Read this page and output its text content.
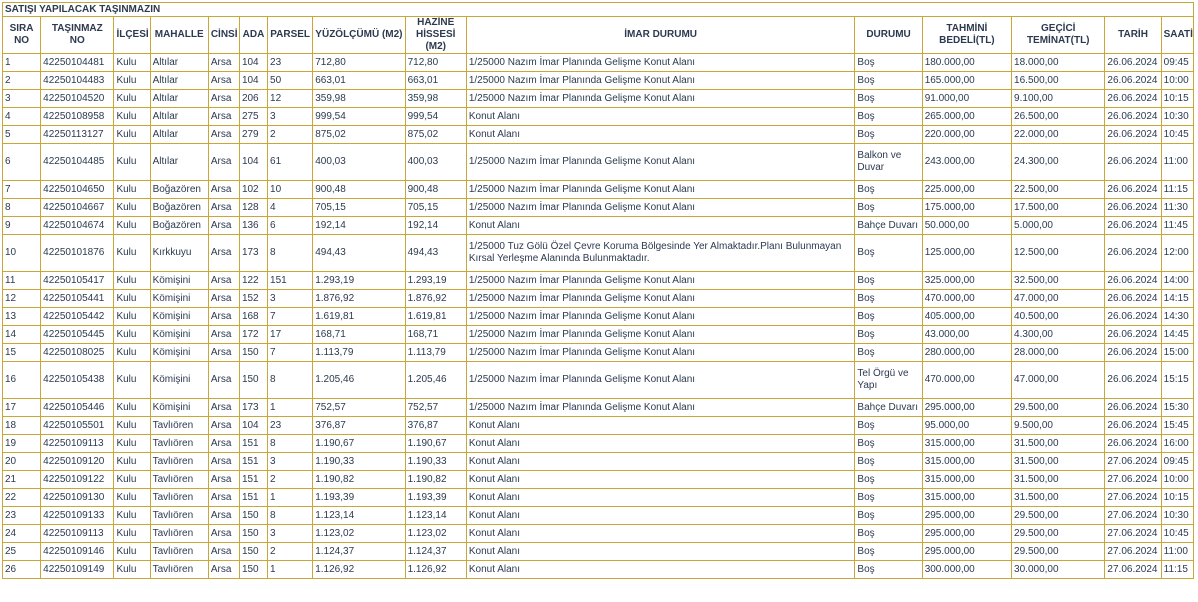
SATIŞI YAPILACAK TAŞINMAZIN														
SIRA NO	TAŞINMAZ NO	İLÇESİ	MAHALLE	CİNSİ	ADA	PARSEL	YÜZÖLÇÜMÜ (M2)	HAZİNE HİSSESİ (M2)	İMAR DURUMU	DURUMU	TAHMİNİ BEDELİ(TL)	GEÇİCİ TEMİNAT(TL)	TARİH	SAATİ
1	42250104481	Kulu	Altılar	Arsa	104	23	712,80	712,80	1/25000 Nazım İmar Planında Gelişme Konut Alanı	Boş	180.000,00	18.000,00	26.06.2024	09:45
2	42250104483	Kulu	Altılar	Arsa	104	50	663,01	663,01	1/25000 Nazım İmar Planında Gelişme Konut Alanı	Boş	165.000,00	16.500,00	26.06.2024	10:00
3	42250104520	Kulu	Altılar	Arsa	206	12	359,98	359,98	1/25000 Nazım İmar Planında Gelişme Konut Alanı	Boş	91.000,00	9.100,00	26.06.2024	10:15
4	42250108958	Kulu	Altılar	Arsa	275	3	999,54	999,54	Konut Alanı	Boş	265.000,00	26.500,00	26.06.2024	10:30
5	42250113127	Kulu	Altılar	Arsa	279	2	875,02	875,02	Konut Alanı	Boş	220.000,00	22.000,00	26.06.2024	10:45
6	42250104485	Kulu	Altılar	Arsa	104	61	400,03	400,03	1/25000 Nazım İmar Planında Gelişme Konut Alanı	Balkon ve Duvar	243.000,00	24.300,00	26.06.2024	11:00
7	42250104650	Kulu	Boğazören	Arsa	102	10	900,48	900,48	1/25000 Nazım İmar Planında Gelişme Konut Alanı	Boş	225.000,00	22.500,00	26.06.2024	11:15
8	42250104667	Kulu	Boğazören	Arsa	128	4	705,15	705,15	1/25000 Nazım İmar Planında Gelişme Konut Alanı	Boş	175.000,00	17.500,00	26.06.2024	11:30
9	42250104674	Kulu	Boğazören	Arsa	136	6	192,14	192,14	Konut Alanı	Bahçe Duvarı	50.000,00	5.000,00	26.06.2024	11:45
10	42250101876	Kulu	Kırkkuyu	Arsa	173	8	494,43	494,43	1/25000 Tuz Gölü Özel Çevre Koruma Bölgesinde Yer Almaktadır.Planı Bulunmayan Kırsal Yerleşme Alanında Bulunmaktadır.	Boş	125.000,00	12.500,00	26.06.2024	12:00
11	42250105417	Kulu	Kömişini	Arsa	122	151	1.293,19	1.293,19	1/25000 Nazım İmar Planında Gelişme Konut Alanı	Boş	325.000,00	32.500,00	26.06.2024	14:00
12	42250105441	Kulu	Kömişini	Arsa	152	3	1.876,92	1.876,92	1/25000 Nazım İmar Planında Gelişme Konut Alanı	Boş	470.000,00	47.000,00	26.06.2024	14:15
13	42250105442	Kulu	Kömişini	Arsa	168	7	1.619,81	1.619,81	1/25000 Nazım İmar Planında Gelişme Konut Alanı	Boş	405.000,00	40.500,00	26.06.2024	14:30
14	42250105445	Kulu	Kömişini	Arsa	172	17	168,71	168,71	1/25000 Nazım İmar Planında Gelişme Konut Alanı	Boş	43.000,00	4.300,00	26.06.2024	14:45
15	42250108025	Kulu	Kömişini	Arsa	150	7	1.113,79	1.113,79	1/25000 Nazım İmar Planında Gelişme Konut Alanı	Boş	280.000,00	28.000,00	26.06.2024	15:00
16	42250105438	Kulu	Kömişini	Arsa	150	8	1.205,46	1.205,46	1/25000 Nazım İmar Planında Gelişme Konut Alanı	Tel Örgü ve Yapı	470.000,00	47.000,00	26.06.2024	15:15
17	42250105446	Kulu	Kömişini	Arsa	173	1	752,57	752,57	1/25000 Nazım İmar Planında Gelişme Konut Alanı	Bahçe Duvarı	295.000,00	29.500,00	26.06.2024	15:30
18	42250105501	Kulu	Tavlıören	Arsa	104	23	376,87	376,87	Konut Alanı	Boş	95.000,00	9.500,00	26.06.2024	15:45
19	42250109113	Kulu	Tavlıören	Arsa	151	8	1.190,67	1.190,67	Konut Alanı	Boş	315.000,00	31.500,00	26.06.2024	16:00
20	42250109120	Kulu	Tavlıören	Arsa	151	3	1.190,33	1.190,33	Konut Alanı	Boş	315.000,00	31.500,00	27.06.2024	09:45
21	42250109122	Kulu	Tavlıören	Arsa	151	2	1.190,82	1.190,82	Konut Alanı	Boş	315.000,00	31.500,00	27.06.2024	10:00
22	42250109130	Kulu	Tavlıören	Arsa	151	1	1.193,39	1.193,39	Konut Alanı	Boş	315.000,00	31.500,00	27.06.2024	10:15
23	42250109133	Kulu	Tavlıören	Arsa	150	8	1.123,14	1.123,14	Konut Alanı	Boş	295.000,00	29.500,00	27.06.2024	10:30
24	42250109113	Kulu	Tavlıören	Arsa	150	3	1.123,02	1.123,02	Konut Alanı	Boş	295.000,00	29.500,00	27.06.2024	10:45
25	42250109146	Kulu	Tavlıören	Arsa	150	2	1.124,37	1.124,37	Konut Alanı	Boş	295.000,00	29.500,00	27.06.2024	11:00
26	42250109149	Kulu	Tavlıören	Arsa	150	1	1.126,92	1.126,92	Konut Alanı	Boş	300.000,00	30.000,00	27.06.2024	11:15
